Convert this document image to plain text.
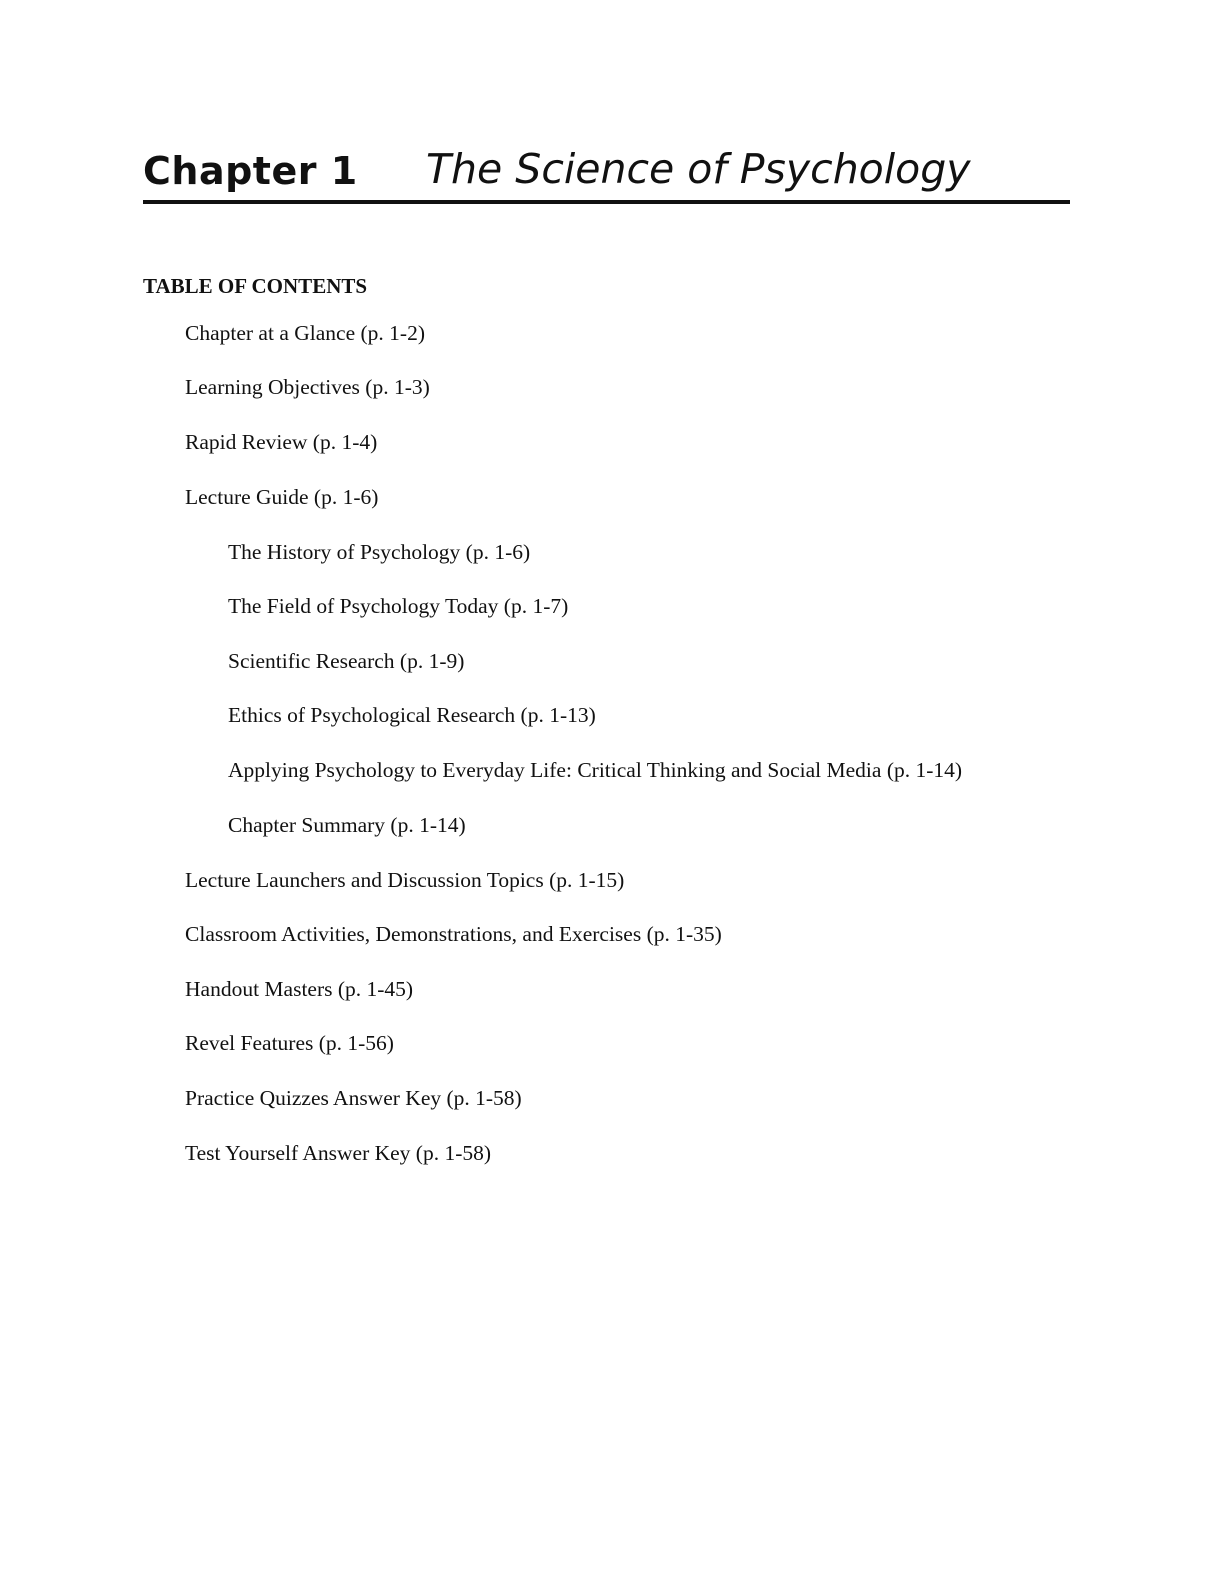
Chapter 1 The Science of Psychology
TABLE OF CONTENTS
Chapter at a Glance (p. 1-2)
Learning Objectives (p. 1-3)
Rapid Review (p. 1-4)
Lecture Guide (p. 1-6)
The History of Psychology (p. 1-6)
The Field of Psychology Today (p. 1-7)
Scientific Research (p. 1-9)
Ethics of Psychological Research (p. 1-13)
Applying Psychology to Everyday Life: Critical Thinking and Social Media (p. 1-14)
Chapter Summary (p. 1-14)
Lecture Launchers and Discussion Topics (p. 1-15)
Classroom Activities, Demonstrations, and Exercises (p. 1-35)
Handout Masters (p. 1-45)
Revel Features (p. 1-56)
Practice Quizzes Answer Key (p. 1-58)
Test Yourself Answer Key (p. 1-58)
